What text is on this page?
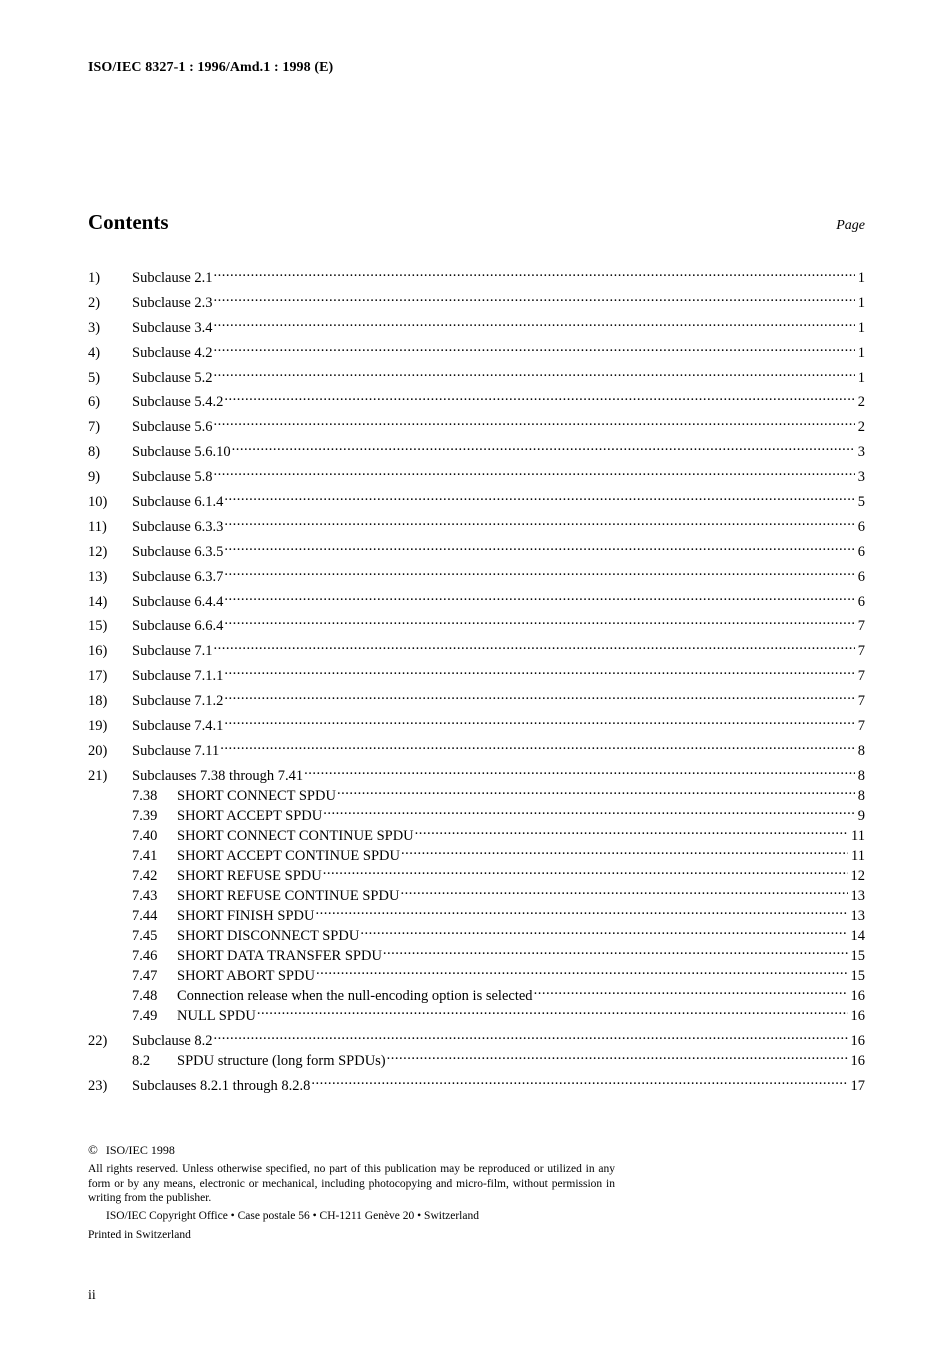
ISO/IEC 8327-1 : 1996/Amd.1 : 1998 (E)
Contents	Page
1)	Subclause 2.1 .....	1
2)	Subclause 2.3 .....	1
3)	Subclause 3.4 .....	1
4)	Subclause 4.2 .....	1
5)	Subclause 5.2 .....	1
6)	Subclause 5.4.2 .....	2
7)	Subclause 5.6 .....	2
8)	Subclause 5.6.10 .....	3
9)	Subclause 5.8 .....	3
10)	Subclause 6.1.4 .....	5
11)	Subclause 6.3.3 .....	6
12)	Subclause 6.3.5 .....	6
13)	Subclause 6.3.7 .....	6
14)	Subclause 6.4.4 .....	6
15)	Subclause 6.6.4 .....	7
16)	Subclause 7.1 .....	7
17)	Subclause 7.1.1 .....	7
18)	Subclause 7.1.2 .....	7
19)	Subclause 7.4.1 .....	7
20)	Subclause 7.11 .....	8
21)	Subclauses 7.38 through 7.41 .....	8
7.38	SHORT CONNECT SPDU .....	8
7.39	SHORT ACCEPT SPDU .....	9
7.40	SHORT CONNECT CONTINUE SPDU .....	11
7.41	SHORT ACCEPT CONTINUE SPDU .....	11
7.42	SHORT REFUSE SPDU .....	12
7.43	SHORT REFUSE CONTINUE SPDU .....	13
7.44	SHORT FINISH SPDU .....	13
7.45	SHORT DISCONNECT SPDU .....	14
7.46	SHORT DATA TRANSFER SPDU .....	15
7.47	SHORT ABORT SPDU .....	15
7.48	Connection release when the null-encoding option is selected .....	16
7.49	NULL SPDU .....	16
22)	Subclause 8.2 .....	16
8.2	SPDU structure (long form SPDUs) .....	16
23)	Subclauses 8.2.1 through 8.2.8 .....	17
© ISO/IEC 1998
All rights reserved. Unless otherwise specified, no part of this publication may be reproduced or utilized in any form or by any means, electronic or mechanical, including photocopying and micro-film, without permission in writing from the publisher.
ISO/IEC Copyright Office • Case postale 56 • CH-1211 Genève 20 • Switzerland
Printed in Switzerland
ii
